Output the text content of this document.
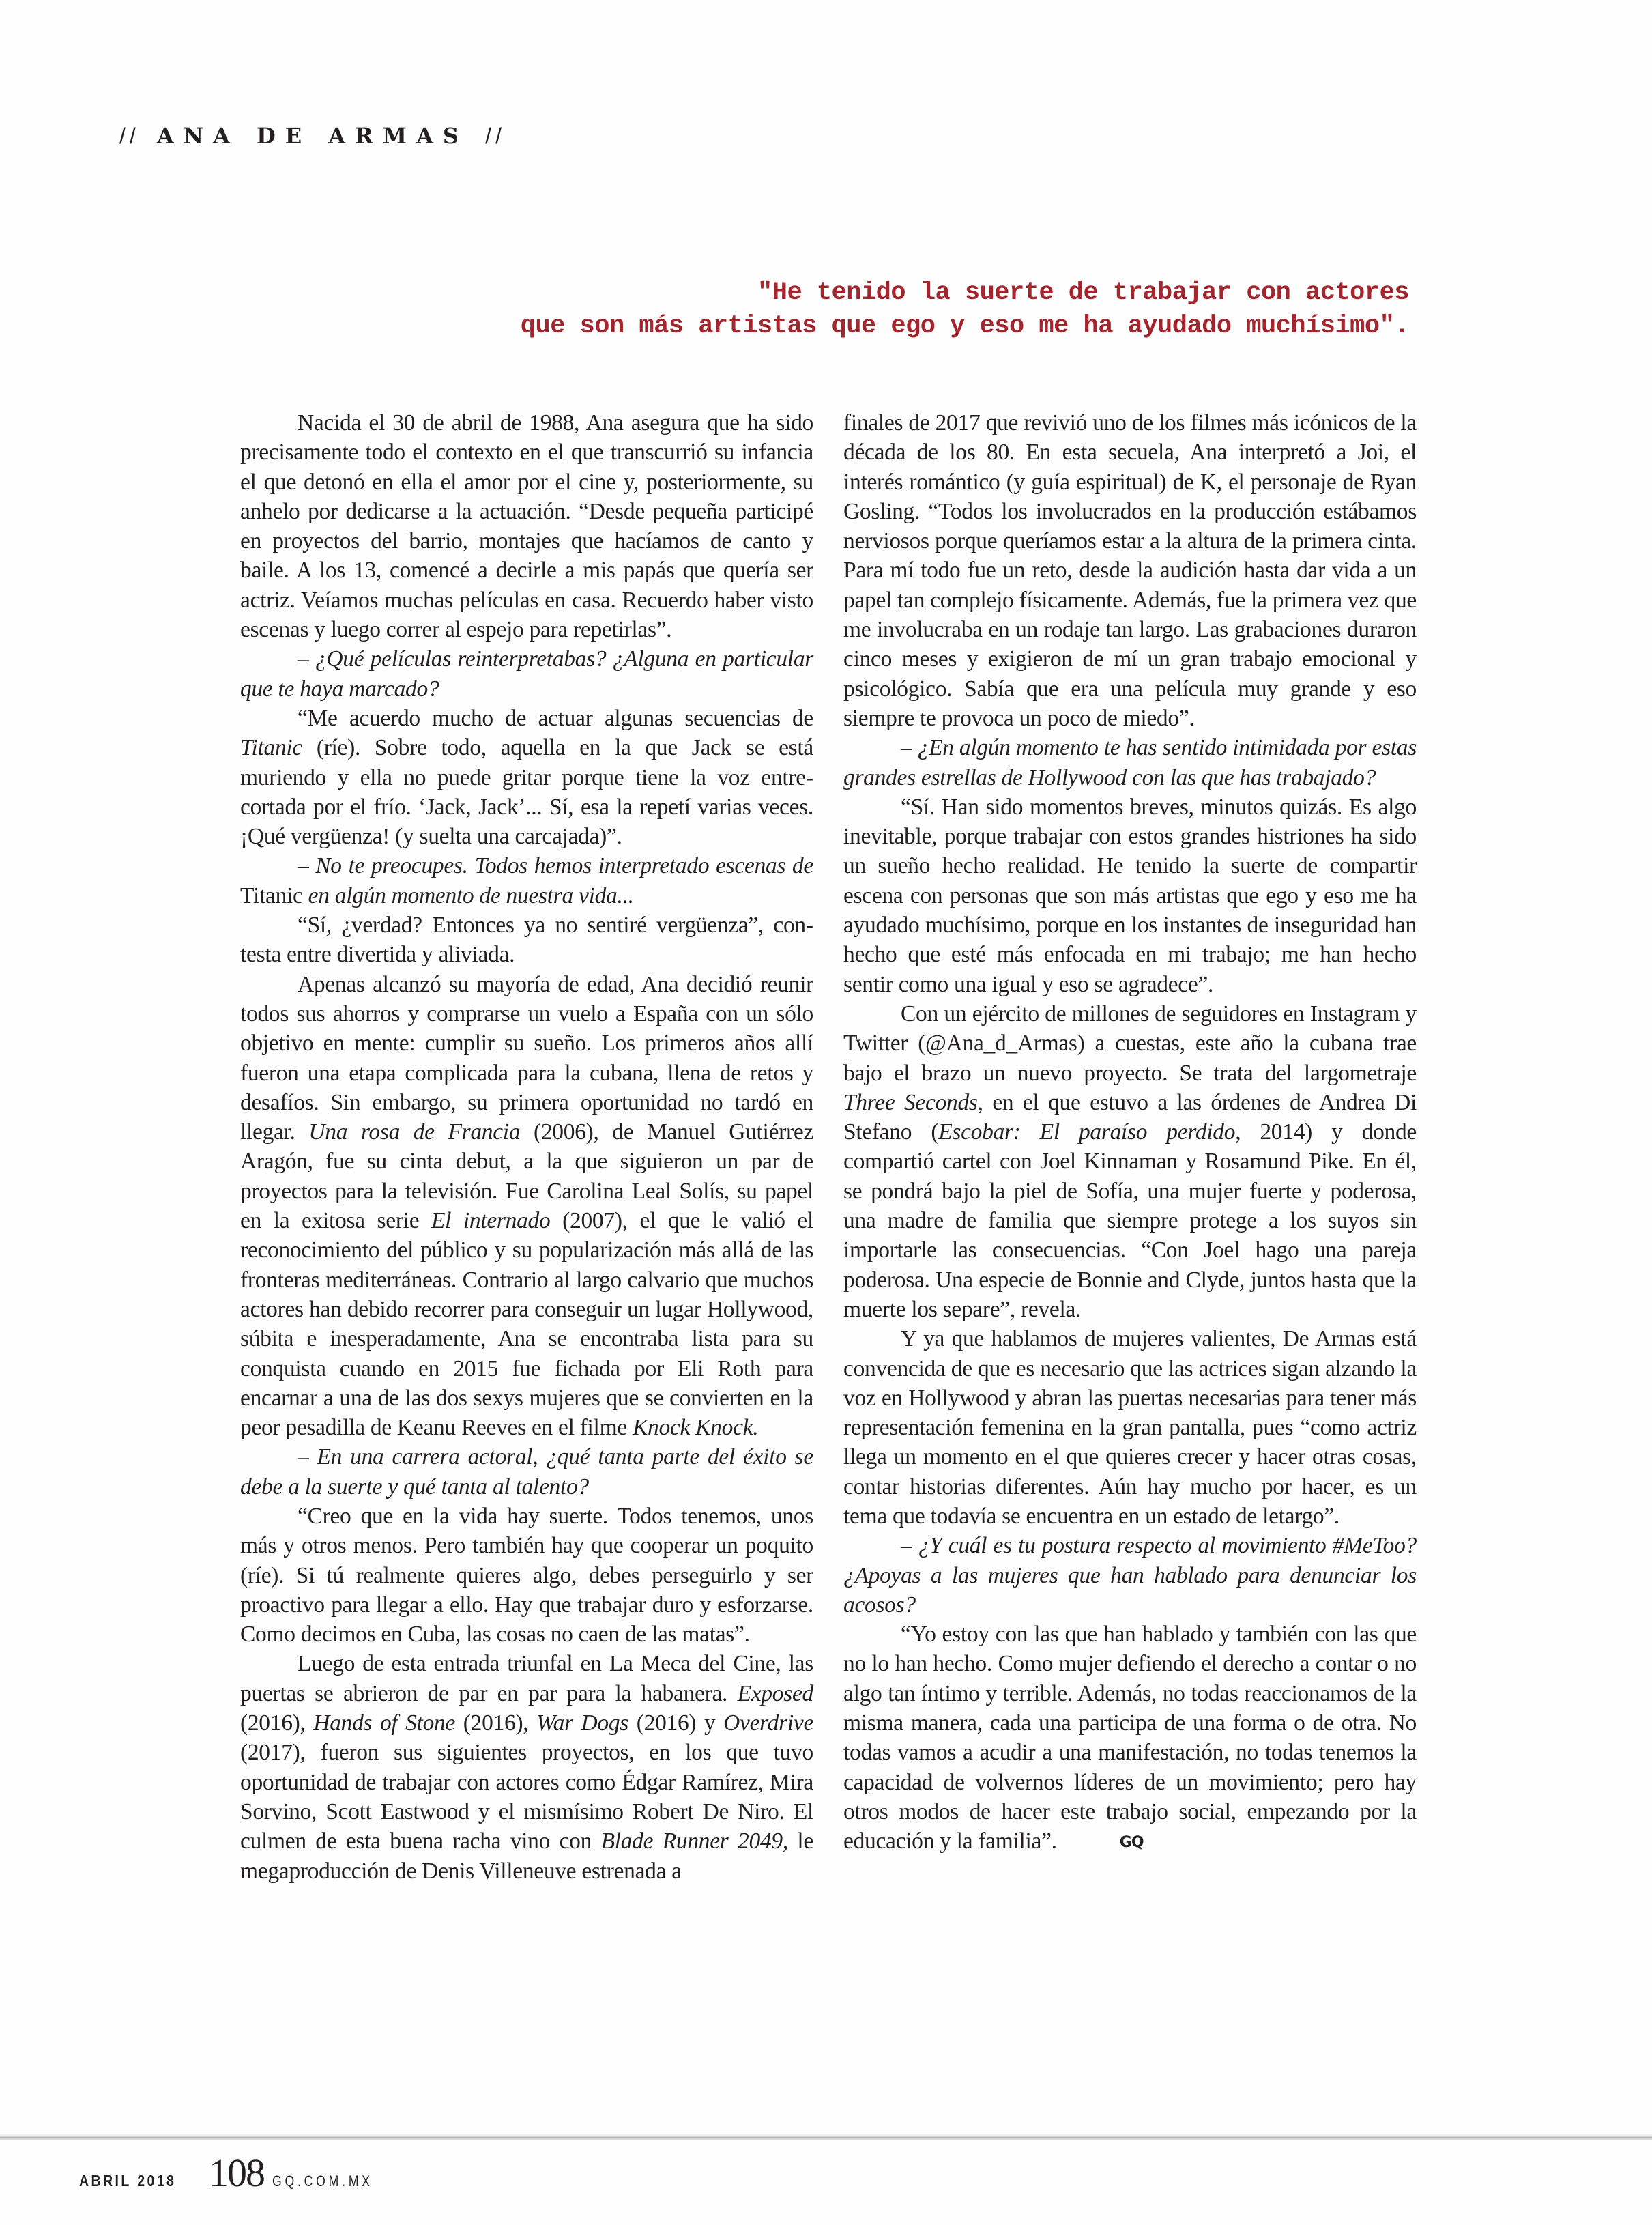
// ANA DE ARMAS //
"He tenido la suerte de trabajar con actores
que son más artistas que ego y eso me ha ayudado muchísimo".

Nacida el 30 de abril de 1988, Ana asegura que ha sido precisamente todo el contexto en el que transcurrió su infancia el que detonó en ella el amor por el cine y, posteriormente, su anhelo por dedicarse a la actuación. “Desde pequeña participé en proyectos del barrio, montajes que hacíamos de canto y baile. A los 13, comencé a decirle a mis papás que quería ser actriz. Veíamos muchas películas en casa. Recuerdo haber visto escenas y luego correr al espejo para repetirlas”.

– ¿Qué películas reinterpretabas? ¿Alguna en particular que te haya marcado?

“Me acuerdo mucho de actuar algunas secuencias de Titanic (ríe). Sobre todo, aquella en la que Jack se está muriendo y ella no puede gritar porque tiene la voz entrecortada por el frío. ‘Jack, Jack’... Sí, esa la repetí varias veces. ¡Qué vergüenza! (y suelta una carcajada)”.

– No te preocupes. Todos hemos interpretado escenas de Titanic en algún momento de nuestra vida...

“Sí, ¿verdad? Entonces ya no sentiré vergüenza”, contesta entre divertida y aliviada.

Apenas alcanzó su mayoría de edad, Ana decidió reunir todos sus ahorros y comprarse un vuelo a España con un sólo objetivo en mente: cumplir su sueño. Los primeros años allí fueron una etapa complicada para la cubana, llena de retos y desafíos. Sin embargo, su primera oportunidad no tardó en llegar. Una rosa de Francia (2006), de Manuel Gutiérrez Aragón, fue su cinta debut, a la que siguieron un par de proyectos para la televisión. Fue Carolina Leal Solís, su papel en la exitosa serie El internado (2007), el que le valió el reconocimiento del público y su popularización más allá de las fronteras mediterráneas. Contrario al largo calvario que muchos actores han debido recorrer para conseguir un lugar Hollywood, súbita e inesperadamente, Ana se encontraba lista para su conquista cuando en 2015 fue fichada por Eli Roth para encarnar a una de las dos sexys mujeres que se convierten en la peor pesadilla de Keanu Reeves en el filme Knock Knock.

– En una carrera actoral, ¿qué tanta parte del éxito se debe a la suerte y qué tanta al talento?

“Creo que en la vida hay suerte. Todos tenemos, unos más y otros menos. Pero también hay que cooperar un poquito (ríe). Si tú realmente quieres algo, debes perseguirlo y ser proactivo para llegar a ello. Hay que trabajar duro y esforzarse. Como decimos en Cuba, las cosas no caen de las matas”.

Luego de esta entrada triunfal en La Meca del Cine, las puertas se abrieron de par en par para la habanera. Exposed (2016), Hands of Stone (2016), War Dogs (2016) y Overdrive (2017), fueron sus siguientes proyectos, en los que tuvo oportunidad de trabajar con actores como Édgar Ramírez, Mira Sorvino, Scott Eastwood y el mismísimo Robert De Niro. El culmen de esta buena racha vino con Blade Runner 2049, le megaproducción de Denis Villeneuve estrenada a

finales de 2017 que revivió uno de los filmes más icónicos de la década de los 80. En esta secuela, Ana interpretó a Joi, el interés romántico (y guía espiritual) de K, el personaje de Ryan Gosling. “Todos los involucrados en la producción estábamos nerviosos porque queríamos estar a la altura de la primera cinta. Para mí todo fue un reto, desde la audición hasta dar vida a un papel tan complejo físicamente. Además, fue la primera vez que me involucraba en un rodaje tan largo. Las grabaciones duraron cinco meses y exigieron de mí un gran trabajo emocional y psicológico. Sabía que era una película muy grande y eso siempre te provoca un poco de miedo”.

– ¿En algún momento te has sentido intimidada por estas grandes estrellas de Hollywood con las que has trabajado?

“Sí. Han sido momentos breves, minutos quizás. Es algo inevitable, porque trabajar con estos grandes histriones ha sido un sueño hecho realidad. He tenido la suerte de compartir escena con personas que son más artistas que ego y eso me ha ayudado muchísimo, porque en los instantes de inseguridad han hecho que esté más enfocada en mi trabajo; me han hecho sentir como una igual y eso se agradece”.

Con un ejército de millones de seguidores en Instagram y Twitter (@Ana_d_Armas) a cuestas, este año la cubana trae bajo el brazo un nuevo proyecto. Se trata del largometraje Three Seconds, en el que estuvo a las órdenes de Andrea Di Stefano (Escobar: El paraíso perdido, 2014) y donde compartió cartel con Joel Kinnaman y Rosamund Pike. En él, se pondrá bajo la piel de Sofía, una mujer fuerte y poderosa, una madre de familia que siempre protege a los suyos sin importarle las consecuencias. “Con Joel hago una pareja poderosa. Una especie de Bonnie and Clyde, juntos hasta que la muerte los separe”, revela.

Y ya que hablamos de mujeres valientes, De Armas está convencida de que es necesario que las actrices sigan alzando la voz en Hollywood y abran las puertas necesarias para tener más representación femenina en la gran pantalla, pues “como actriz llega un momento en el que quieres crecer y hacer otras cosas, contar historias diferentes. Aún hay mucho por hacer, es un tema que todavía se encuentra en un estado de letargo”.

– ¿Y cuál es tu postura respecto al movimiento #MeToo? ¿Apoyas a las mujeres que han hablado para denunciar los acosos?

“Yo estoy con las que han hablado y también con las que no lo han hecho. Como mujer defiendo el derecho a contar o no algo tan íntimo y terrible. Además, no todas reaccionamos de la misma manera, cada una participa de una forma o de otra. No todas vamos a acudir a una manifestación, no todas tenemos la capacidad de volvernos líderes de un movimiento; pero hay otros modos de hacer este trabajo social, empezando por la educación y la familia”.	GQ

ABRIL 2018 108 GQ.COM.MX
